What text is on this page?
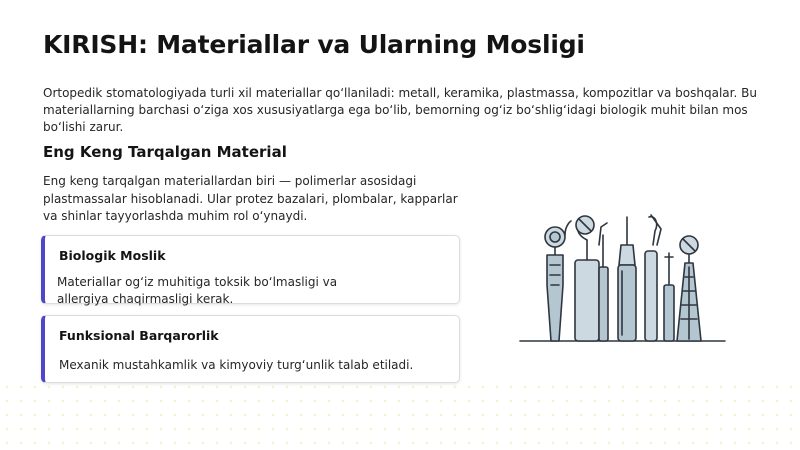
KIRISH: Materiallar va Ularning Mosligi

Ortopedik stomatologiyada turli xil materiallar qo‘llaniladi: metall, keramika, plastmassa, kompozitlar va boshqalar. Bu materiallarning barchasi o‘ziga xos xususiyatlarga ega bo‘lib, bemorning og‘iz bo‘shlig‘idagi biologik muhit bilan mos bo‘lishi zarur.

Eng Keng Tarqalgan Material

Eng keng tarqalgan materiallardan biri — polimerlar asosidagi plastmassalar hisoblanadi. Ular protez bazalari, plombalar, kapparlar va shinlar tayyorlashda muhim rol o‘ynaydi.

Biologik Moslik
Materiallar og‘iz muhitiga toksik bo‘lmasligi va allergiya chaqirmasligi kerak.
Funksional Barqarorlik
Mexanik mustahkamlik va kimyoviy turg‘unlik talab etiladi.
